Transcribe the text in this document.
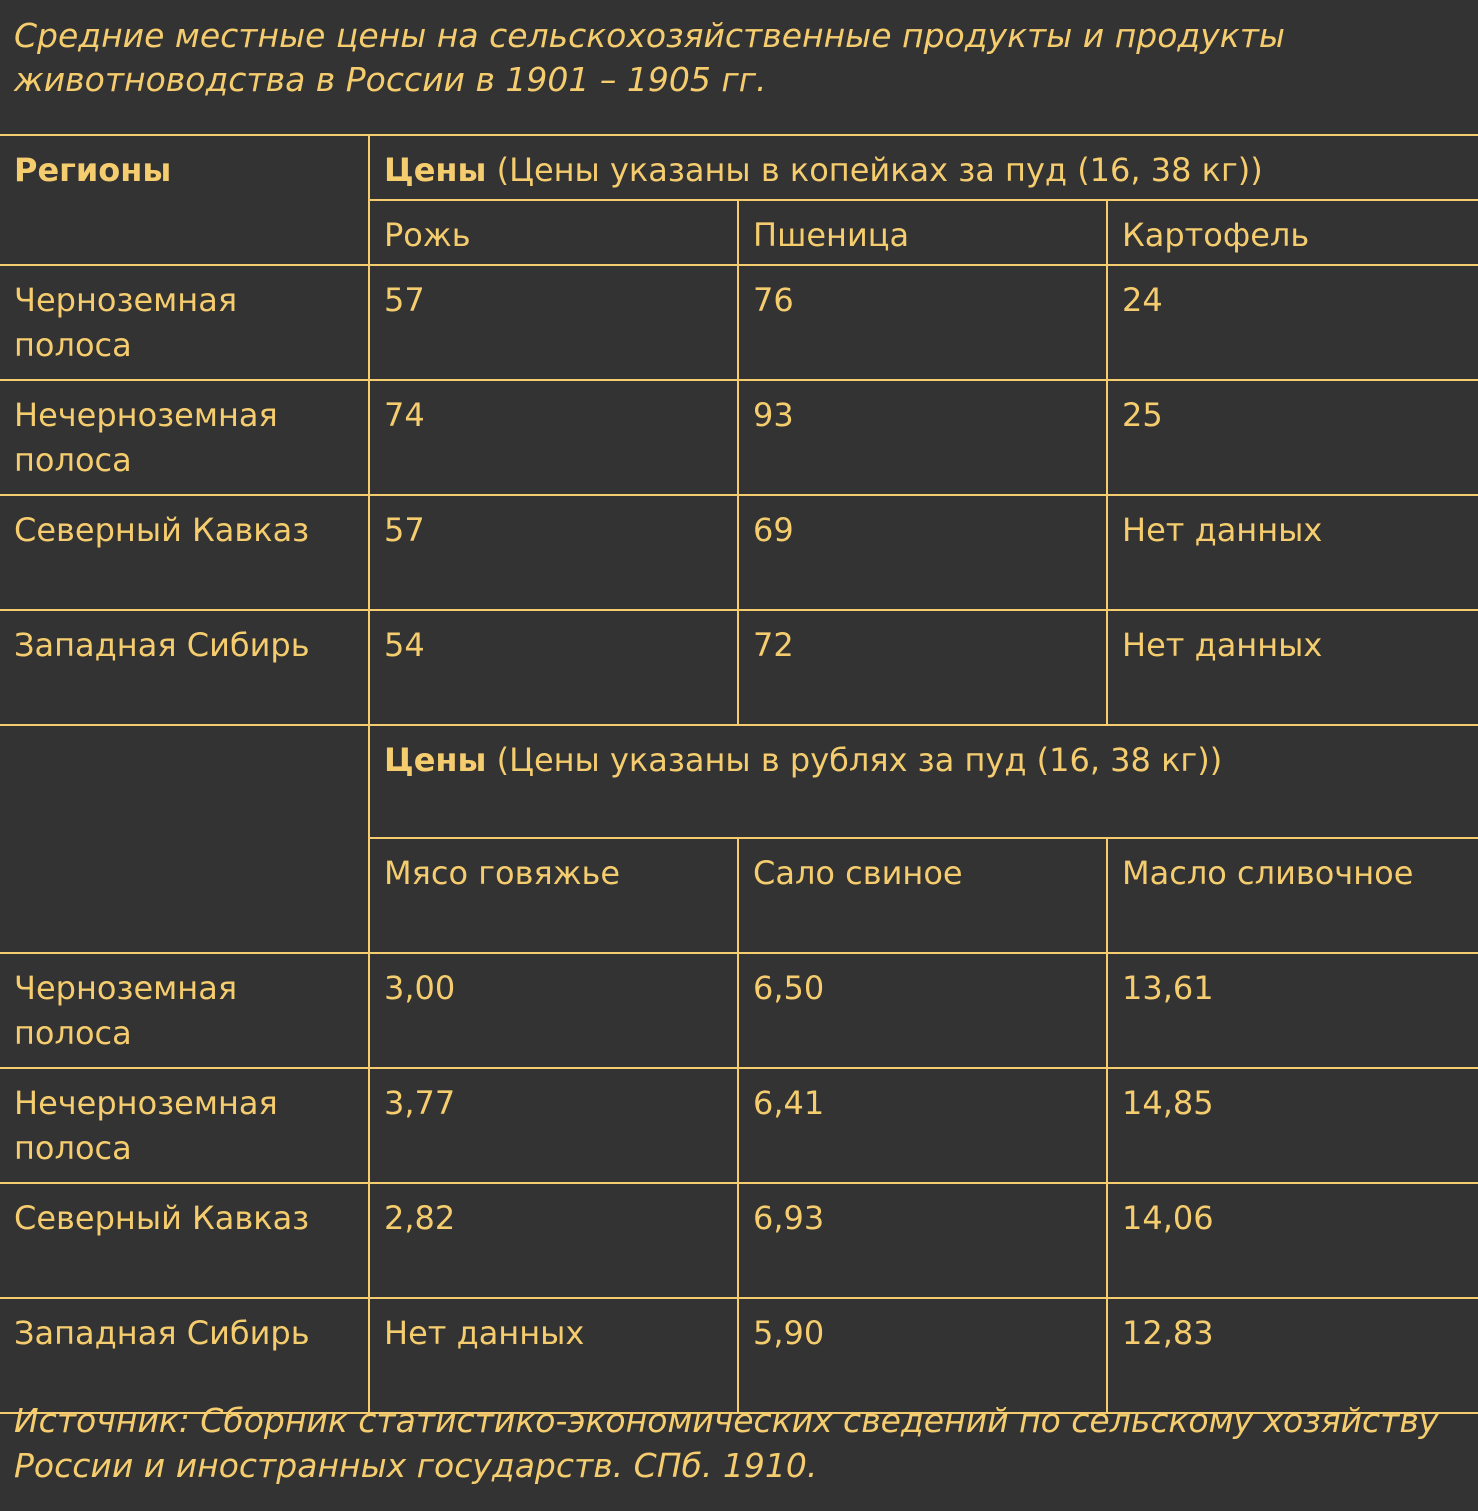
Средние местные цены на сельскохозяйственные продукты и продукты животноводства в России в 1901 – 1905 гг.
Регионы	Цены (Цены указаны в копейках за пуд (16, 38 кг))		
	Рожь	Пшеница	Картофель
Черноземная полоса	57	76	24
Нечерноземная полоса	74	93	25
Северный Кавказ	57	69	Нет данных
Западная Сибирь	54	72	Нет данных
	Цены (Цены указаны в рублях за пуд (16, 38 кг))		
	Мясо говяжье	Сало свиное	Масло сливочное
Черноземная полоса	3,00	6,50	13,61
Нечерноземная полоса	3,77	6,41	14,85
Северный Кавказ	2,82	6,93	14,06
Западная Сибирь	Нет данных	5,90	12,83
Источник: Сборник статистико-экономических сведений по сельскому хозяйству России и иностранных государств. СПб. 1910.
